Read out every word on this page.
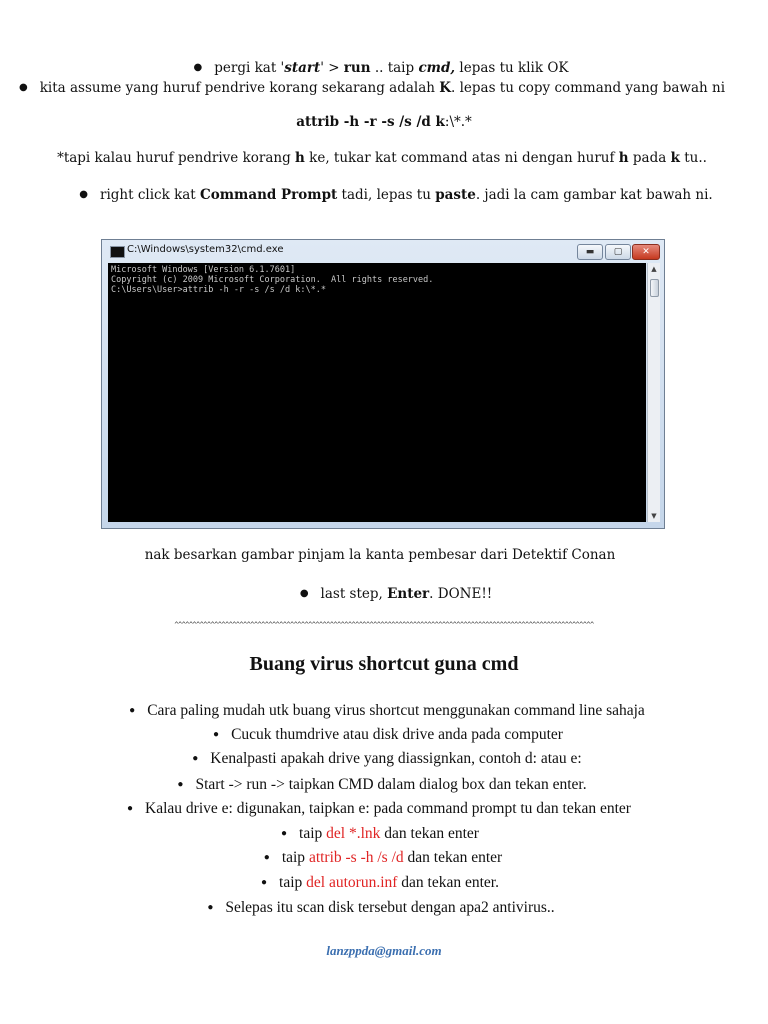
● pergi kat 'start' > run .. taip cmd, lepas tu klik OK
● kita assume yang huruf pendrive korang sekarang adalah K. lepas tu copy command yang bawah ni
attrib -h -r -s /s /d k:\*.*
*tapi kalau huruf pendrive korang h ke, tukar kat command atas ni dengan huruf h pada k tu..
● right click kat Command Prompt tadi, lepas tu paste. jadi la cam gambar kat bawah ni.
C:\Windows\system32\cmd.exe	▬	▢	✕
Microsoft Windows [Version 6.1.7601]
Copyright (c) 2009 Microsoft Corporation.  All rights reserved.
C:\Users\User>attrib -h -r -s /s /d k:\*.*
▲
▼
nak besarkan gambar pinjam la kanta pembesar dari Detektif Conan
● last step, Enter. DONE!!
^^^^^^^^^^^^^^^^^^^^^^^^^^^^^^^^^^^^^^^^^^^^^^^^^^^^^^^^^^^^^^^^^^^^^^^^^^^^^^^^^^^^^^^^^^^^^^^^^^^^^^^^^^^^^^^^^^^^
Buang virus shortcut guna cmd
● Cara paling mudah utk buang virus shortcut menggunakan command line sahaja
● Cucuk thumdrive atau disk drive anda pada computer
● Kenalpasti apakah drive yang diassignkan, contoh d: atau e:
● Start -> run -> taipkan CMD dalam dialog box dan tekan enter.
● Kalau drive e: digunakan, taipkan e: pada command prompt tu dan tekan enter
● taip del *.lnk dan tekan enter
● taip attrib -s -h /s /d dan tekan enter
● taip del autorun.inf dan tekan enter.
● Selepas itu scan disk tersebut dengan apa2 antivirus..
lanzppda@gmail.com
